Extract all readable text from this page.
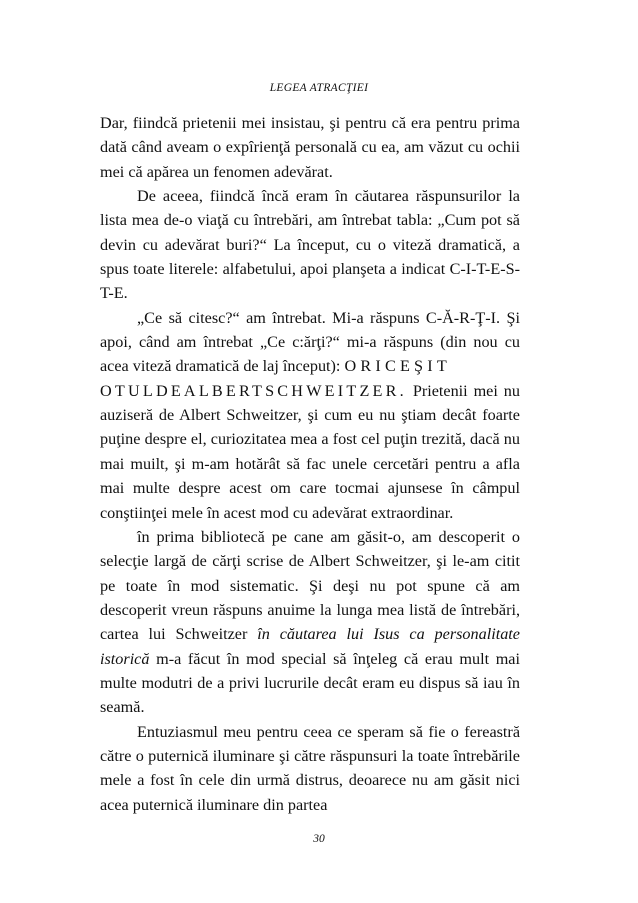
LEGEA ATRACŢIEI

Dar, fiindcă prietenii mei insistau, şi pentru că era pentru prima dată când aveam o expîrienţă personală cu ea, am văzut cu ochii mei că apărea un fenomen adevărat.

De aceea, fiindcă încă eram în căutarea răspunsurilor la lista mea de-o viaţă cu întrebări, am întrebat tabla: „Cum pot să devin cu adevărat buri?“ La început, cu o viteză dramatică, a spus toate literele: alfabetului, apoi planşeta a indicat C-I-T-E-S-T-E.

„Ce să citesc?“ am întrebat. Mi-a răspuns C-Ă-R-Ţ-I. Şi apoi, când am întrebat „Ce c:ărţi?“ mi-a răspuns (din nou cu acea viteză dramatică de laj început): ORICEŞIT
OTULDEALBERTSCHWEITZER. Prietenii mei nu auziseră de Albert Schweitzer, şi cum eu nu ştiam decât foarte puţine despre el, curiozitatea mea a fost cel puţin trezită, dacă nu mai muilt, şi m-am hotărât să fac unele cercetări pentru a afla mai multe despre acest om care tocmai ajunsese în câmpul conştiinţei mele în acest mod cu adevărat extraordinar.

în prima bibliotecă pe cane am găsit-o, am descoperit o selecţie largă de cărţi scrise de Albert Schweitzer, şi le-am citit pe toate în mod sistematic. Şi deşi nu pot spune că am descoperit vreun răspuns anuime la lunga mea listă de întrebări, cartea lui Schweitzer în căutarea lui Isus ca personalitate istorică m-a făcut în mod special să înţeleg că erau mult mai multe modutri de a privi lucrurile decât eram eu dispus să iau în seamă.

Entuziasmul meu pentru ceea ce speram să fie o fereastră către o puternică iluminare şi către răspunsuri la toate întrebările mele a fost în cele din urmă distrus, deoarece nu am găsit nici acea puternică iluminare din partea

30
